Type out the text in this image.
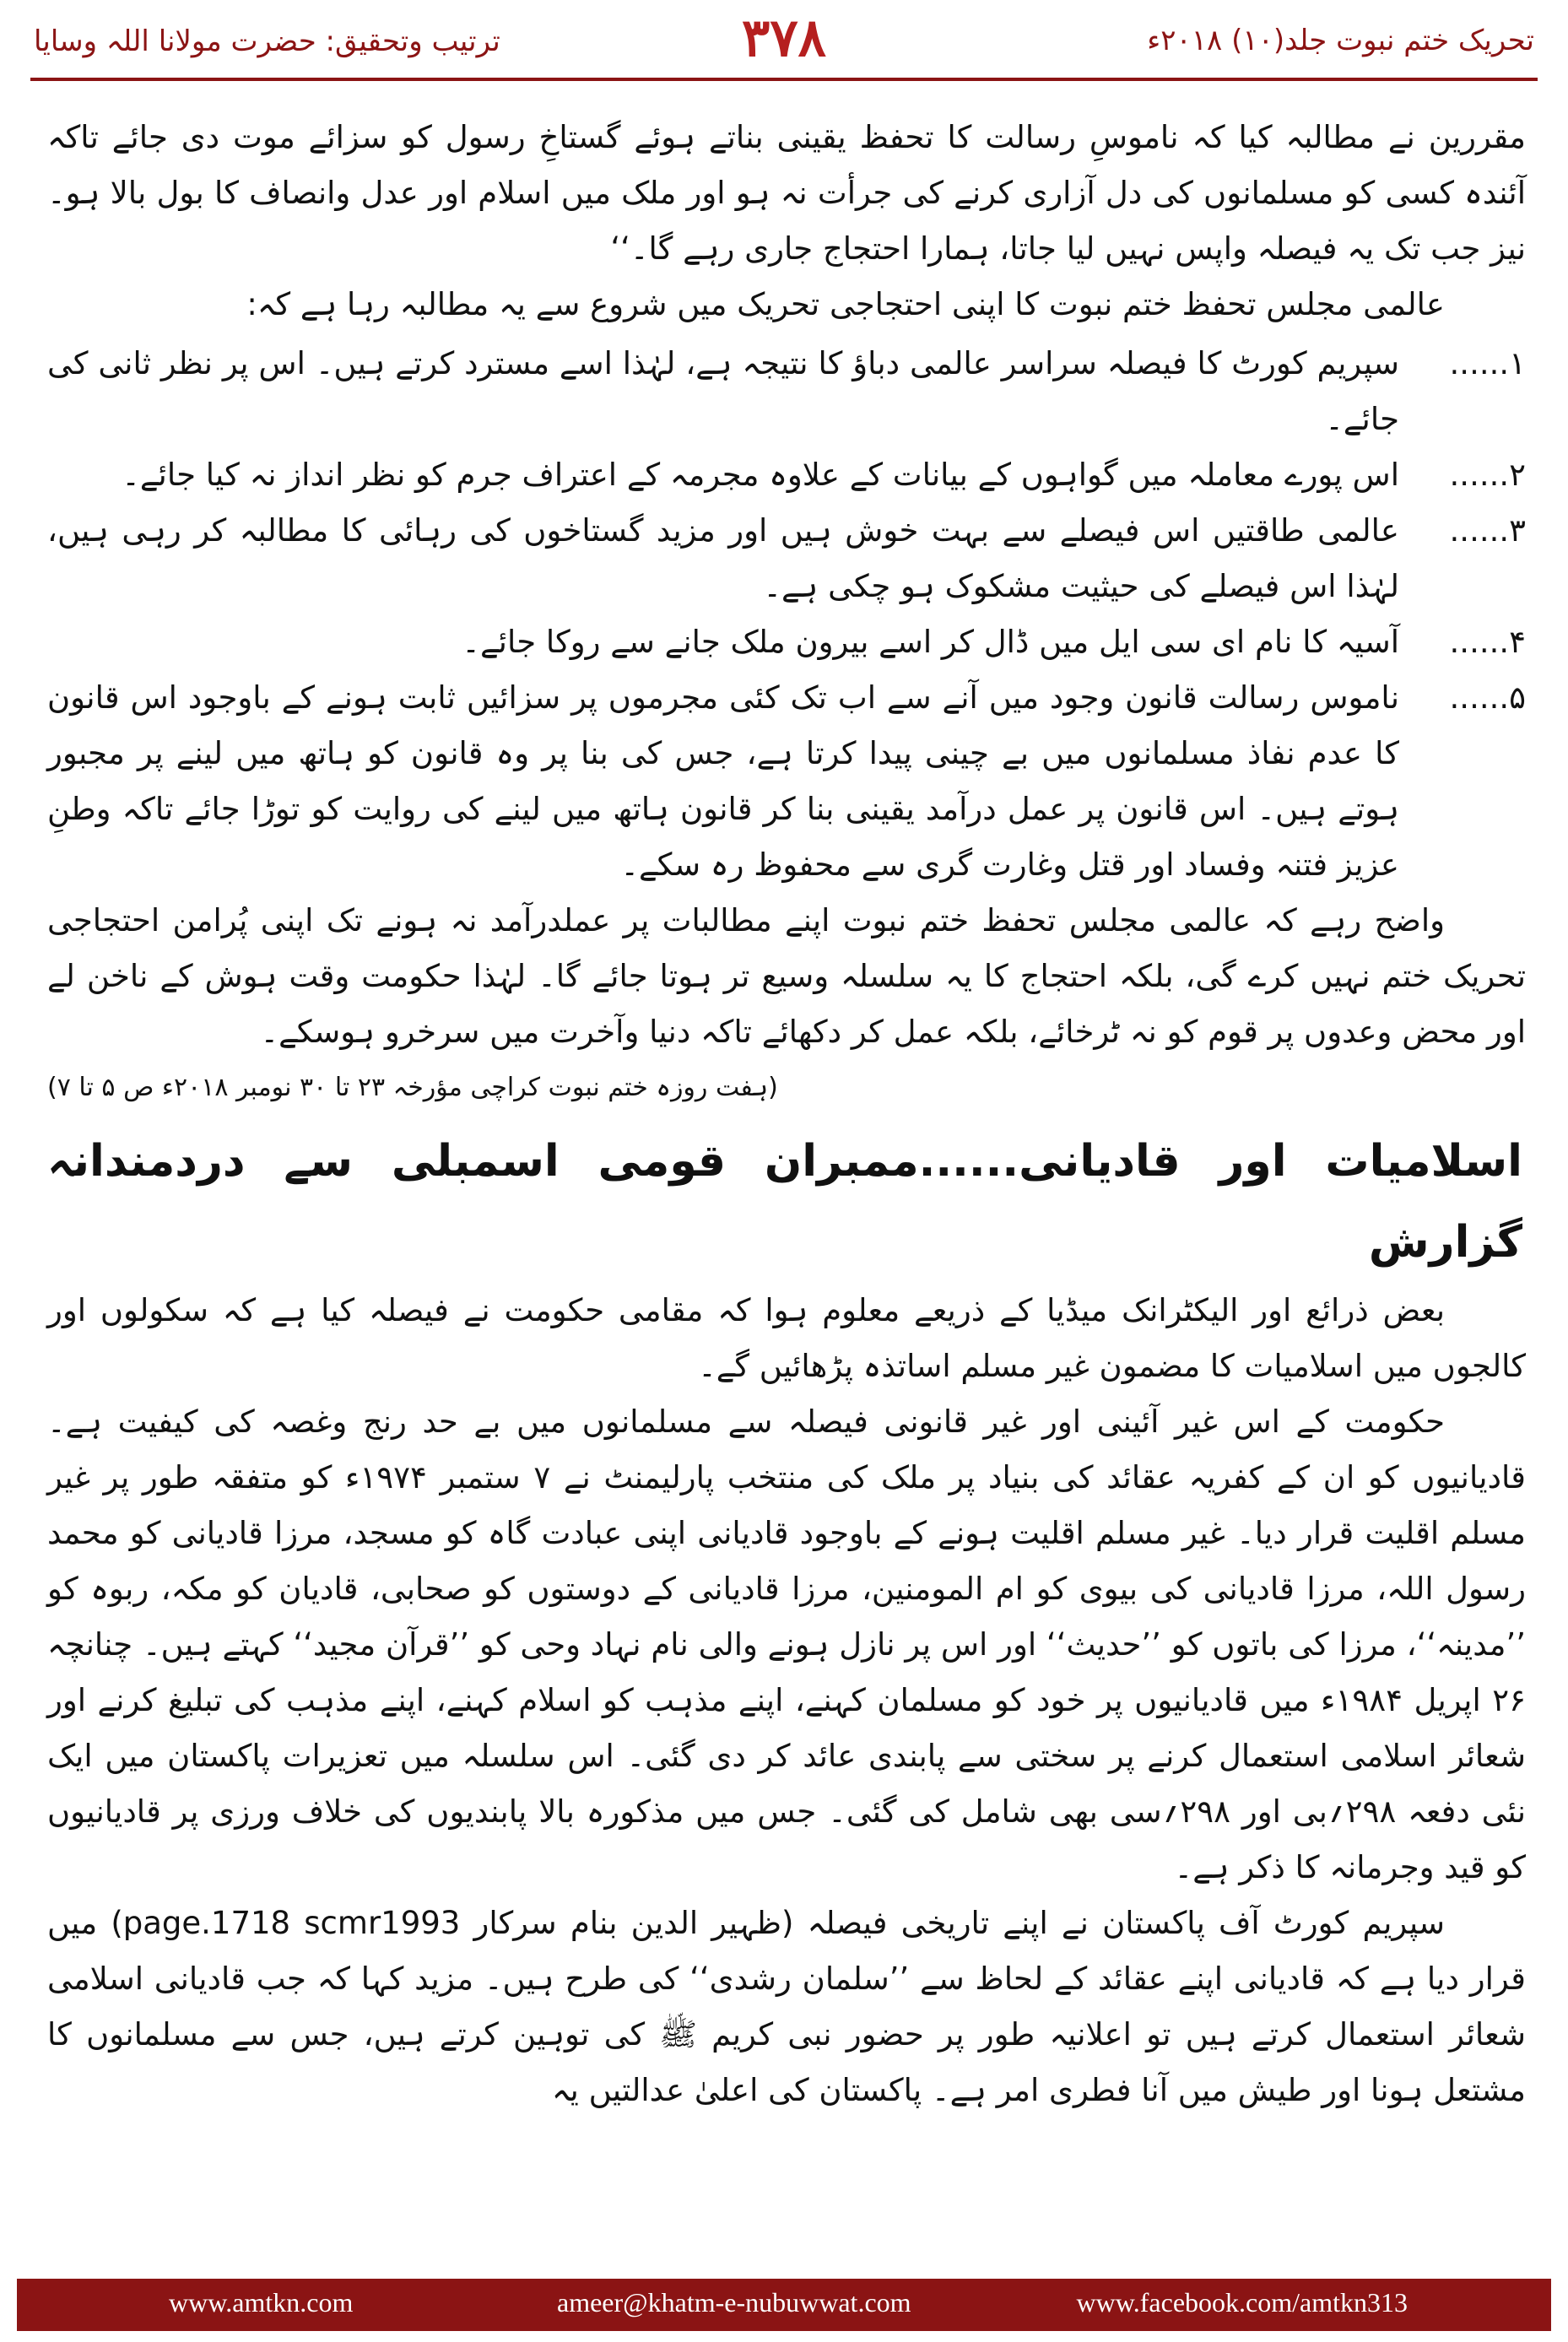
ترتیب وتحقیق: حضرت مولانا اللہ وسایا	۳۷۸	تحریک ختم نبوت جلد(۱۰) ۲۰۱۸ء

مقررین نے مطالبہ کیا کہ ناموسِ رسالت کا تحفظ یقینی بناتے ہوئے گستاخِ رسول کو سزائے موت دی جائے تاکہ آئندہ کسی کو مسلمانوں کی دل آزاری کرنے کی جرأت نہ ہو اور ملک میں اسلام اور عدل وانصاف کا بول بالا ہو۔ نیز جب تک یہ فیصلہ واپس نہیں لیا جاتا، ہمارا احتجاج جاری رہے گا۔‘‘

عالمی مجلس تحفظ ختم نبوت کا اپنی احتجاجی تحریک میں شروع سے یہ مطالبہ رہا ہے کہ:

۱......
سپریم کورٹ کا فیصلہ سراسر عالمی دباؤ کا نتیجہ ہے، لہٰذا اسے مسترد کرتے ہیں۔ اس پر نظر ثانی کی جائے۔
۲......
اس پورے معاملہ میں گواہوں کے بیانات کے علاوہ مجرمہ کے اعتراف جرم کو نظر انداز نہ کیا جائے۔
۳......
عالمی طاقتیں اس فیصلے سے بہت خوش ہیں اور مزید گستاخوں کی رہائی کا مطالبہ کر رہی ہیں، لہٰذا اس فیصلے کی حیثیت مشکوک ہو چکی ہے۔
۴......
آسیہ کا نام ای سی ایل میں ڈال کر اسے بیرون ملک جانے سے روکا جائے۔
۵......
ناموس رسالت قانون وجود میں آنے سے اب تک کئی مجرموں پر سزائیں ثابت ہونے کے باوجود اس قانون کا عدم نفاذ مسلمانوں میں بے چینی پیدا کرتا ہے، جس کی بنا پر وہ قانون کو ہاتھ میں لینے پر مجبور ہوتے ہیں۔ اس قانون پر عمل درآمد یقینی بنا کر قانون ہاتھ میں لینے کی روایت کو توڑا جائے تاکہ وطنِ عزیز فتنہ وفساد اور قتل وغارت گری سے محفوظ رہ سکے۔

واضح رہے کہ عالمی مجلس تحفظ ختم نبوت اپنے مطالبات پر عملدرآمد نہ ہونے تک اپنی پُرامن احتجاجی تحریک ختم نہیں کرے گی، بلکہ احتجاج کا یہ سلسلہ وسیع تر ہوتا جائے گا۔ لہٰذا حکومت وقت ہوش کے ناخن لے اور محض وعدوں پر قوم کو نہ ٹرخائے، بلکہ عمل کر دکھائے تاکہ دنیا وآخرت میں سرخرو ہوسکے۔

(ہفت روزہ ختم نبوت کراچی مؤرخہ ۲۳ تا ۳۰ نومبر ۲۰۱۸ء ص ۵ تا ۷)
اسلامیات اور قادیانی......ممبران قومی اسمبلی سے دردمندانہ گزارش

بعض ذرائع اور الیکٹرانک میڈیا کے ذریعے معلوم ہوا کہ مقامی حکومت نے فیصلہ کیا ہے کہ سکولوں اور کالجوں میں اسلامیات کا مضمون غیر مسلم اساتذہ پڑھائیں گے۔

حکومت کے اس غیر آئینی اور غیر قانونی فیصلہ سے مسلمانوں میں بے حد رنج وغصہ کی کیفیت ہے۔ قادیانیوں کو ان کے کفریہ عقائد کی بنیاد پر ملک کی منتخب پارلیمنٹ نے ۷ ستمبر ۱۹۷۴ء کو متفقہ طور پر غیر مسلم اقلیت قرار دیا۔ غیر مسلم اقلیت ہونے کے باوجود قادیانی اپنی عبادت گاہ کو مسجد، مرزا قادیانی کو محمد رسول اللہ، مرزا قادیانی کی بیوی کو ام المومنین، مرزا قادیانی کے دوستوں کو صحابی، قادیان کو مکہ، ربوہ کو ’’مدینہ‘‘، مرزا کی باتوں کو ’’حدیث‘‘ اور اس پر نازل ہونے والی نام نہاد وحی کو ’’قرآن مجید‘‘ کہتے ہیں۔ چنانچہ ۲۶ اپریل ۱۹۸۴ء میں قادیانیوں پر خود کو مسلمان کہنے، اپنے مذہب کو اسلام کہنے، اپنے مذہب کی تبلیغ کرنے اور شعائر اسلامی استعمال کرنے پر سختی سے پابندی عائد کر دی گئی۔ اس سلسلہ میں تعزیرات پاکستان میں ایک نئی دفعہ ۲۹۸؍بی اور ۲۹۸؍سی بھی شامل کی گئی۔ جس میں مذکورہ بالا پابندیوں کی خلاف ورزی پر قادیانیوں کو قید وجرمانہ کا ذکر ہے۔

سپریم کورٹ آف پاکستان نے اپنے تاریخی فیصلہ (ظہیر الدین بنام سرکار page.1718 scmr1993) میں قرار دیا ہے کہ قادیانی اپنے عقائد کے لحاظ سے ’’سلمان رشدی‘‘ کی طرح ہیں۔ مزید کہا کہ جب قادیانی اسلامی شعائر استعمال کرتے ہیں تو اعلانیہ طور پر حضور نبی کریم ﷺ کی توہین کرتے ہیں، جس سے مسلمانوں کا مشتعل ہونا اور طیش میں آنا فطری امر ہے۔ پاکستان کی اعلیٰ عدالتیں یہ

www.amtkn.com	ameer@khatm-e-nubuwwat.com	www.facebook.com/amtkn313
